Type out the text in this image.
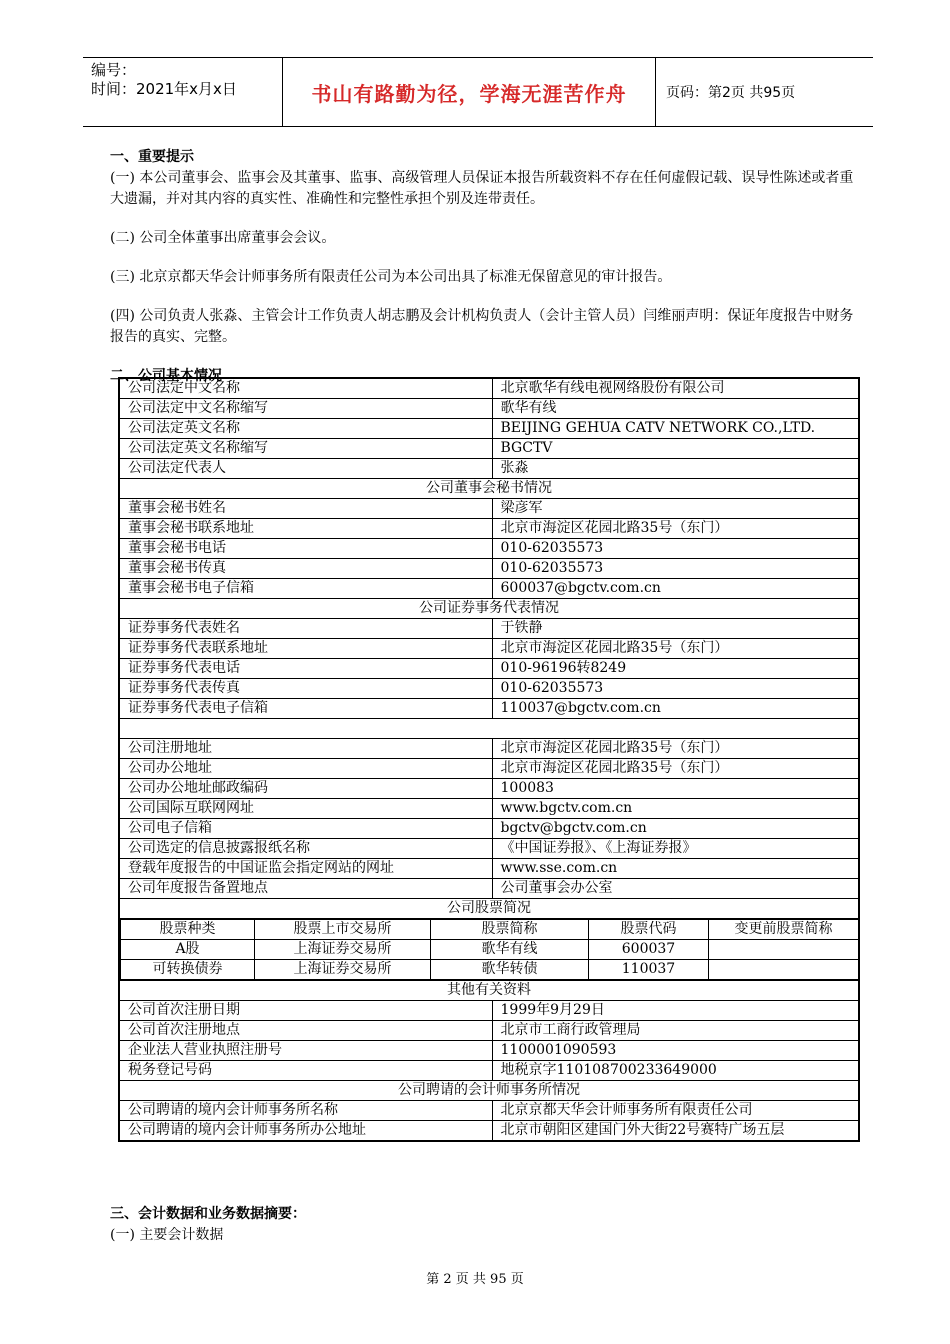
编号：
时间：2021年x月x日	书山有路勤为径，学海无涯苦作舟	页码：第2页 共95页

一、重要提示

(一) 本公司董事会、监事会及其董事、监事、高级管理人员保证本报告所载资料不存在任何虚假记载、误导性陈述或者重大遗漏，并对其内容的真实性、准确性和完整性承担个别及连带责任。

(二) 公司全体董事出席董事会会议。

(三) 北京京都天华会计师事务所有限责任公司为本公司出具了标准无保留意见的审计报告。

(四) 公司负责人张淼、主管会计工作负责人胡志鹏及会计机构负责人（会计主管人员）闫维丽声明：保证年度报告中财务报告的真实、完整。

二、公司基本情况

公司法定中文名称	北京歌华有线电视网络股份有限公司
公司法定中文名称缩写	歌华有线
公司法定英文名称	BEIJING GEHUA CATV NETWORK CO.,LTD.
公司法定英文名称缩写	BGCTV
公司法定代表人	张淼
公司董事会秘书情况
董事会秘书姓名	梁彦军
董事会秘书联系地址	北京市海淀区花园北路35号（东门）
董事会秘书电话	010-62035573
董事会秘书传真	010-62035573
董事会秘书电子信箱	600037@bgctv.com.cn
公司证券事务代表情况
证券事务代表姓名	于铁静
证券事务代表联系地址	北京市海淀区花园北路35号（东门）
证券事务代表电话	010-96196转8249
证券事务代表传真	010-62035573
证券事务代表电子信箱	110037@bgctv.com.cn

公司注册地址	北京市海淀区花园北路35号（东门）
公司办公地址	北京市海淀区花园北路35号（东门）
公司办公地址邮政编码	100083
公司国际互联网网址	www.bgctv.com.cn
公司电子信箱	bgctv@bgctv.com.cn
公司选定的信息披露报纸名称	《中国证券报》、《上海证券报》
登载年度报告的中国证监会指定网站的网址	www.sse.com.cn
公司年度报告备置地点	公司董事会办公室
公司股票简况

股票种类	股票上市交易所	股票简称	股票代码	变更前股票简称
A股	上海证券交易所	歌华有线	600037	
可转换债券	上海证券交易所	歌华转债	110037	

其他有关资料
公司首次注册日期	1999年9月29日
公司首次注册地点	北京市工商行政管理局
企业法人营业执照注册号	1100001090593
税务登记号码	地税京字110108700233649000
公司聘请的会计师事务所情况
公司聘请的境内会计师事务所名称	北京京都天华会计师事务所有限责任公司
公司聘请的境内会计师事务所办公地址	北京市朝阳区建国门外大街22号赛特广场五层
三、会计数据和业务数据摘要：
(一) 主要会计数据
第 2 页 共 95 页
